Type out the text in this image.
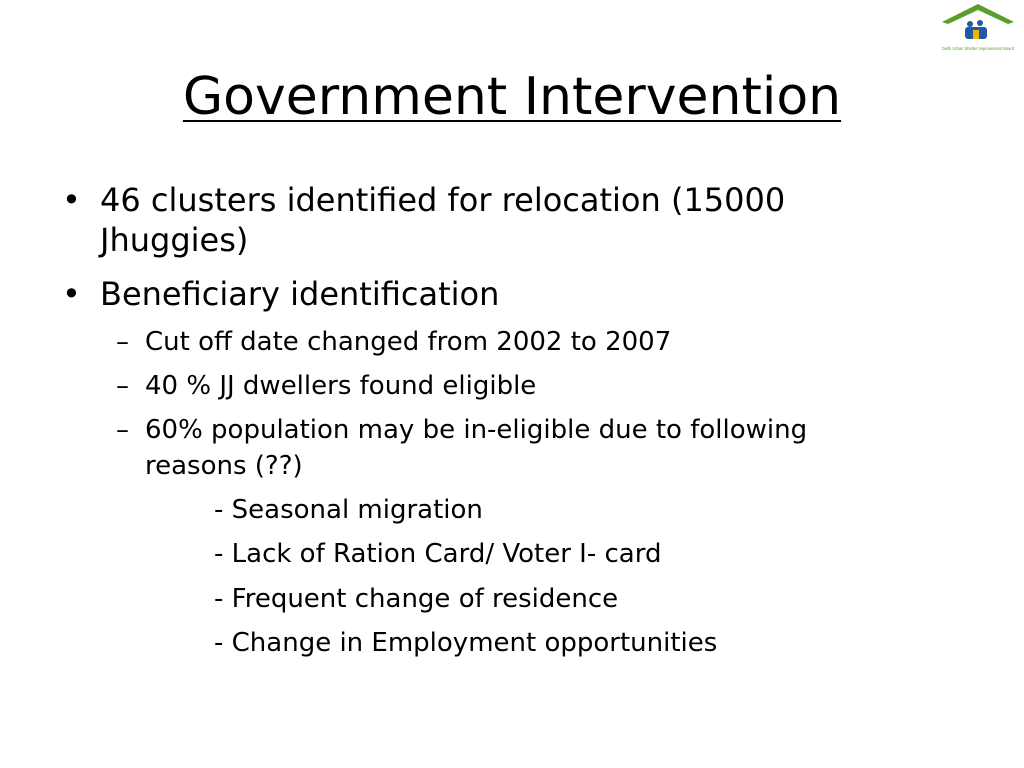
Delhi Urban Shelter Improvement Board
Government Intervention
• 46 clusters identified for relocation (15000
Jhuggies)
• Beneficiary identification
– Cut off date changed from 2002 to 2007
– 40 % JJ dwellers found eligible
– 60% population may be in-eligible due to following
reasons (??)
- Seasonal migration
- Lack of Ration Card/ Voter I- card
- Frequent change of residence
- Change in Employment opportunities
